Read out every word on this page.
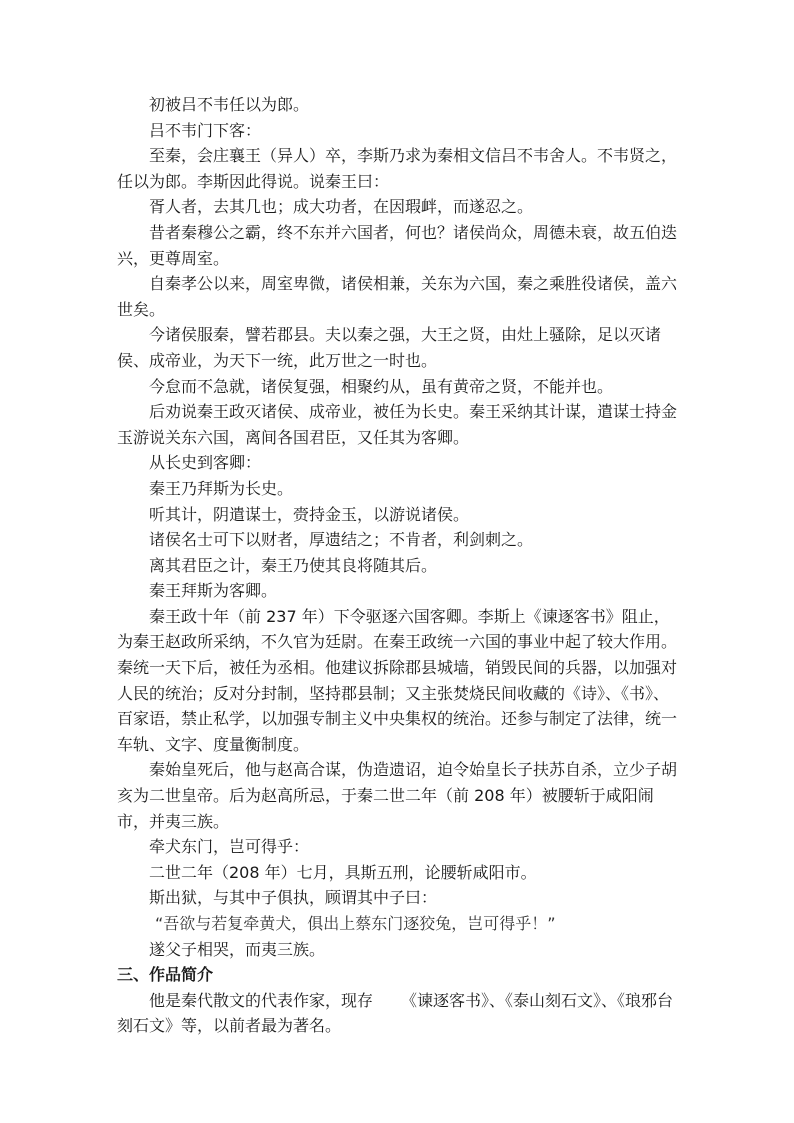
初被吕不韦任以为郎。

吕不韦门下客：

至秦，会庄襄王（异人）卒，李斯乃求为秦相文信吕不韦舍人。不韦贤之，任以为郎。李斯因此得说。说秦王曰：

胥人者，去其几也；成大功者，在因瑕衅，而遂忍之。

昔者秦穆公之霸，终不东并六国者，何也？诸侯尚众，周德未衰，故五伯迭兴，更尊周室。

自秦孝公以来，周室卑微，诸侯相兼，关东为六国，秦之乘胜役诸侯，盖六世矣。

今诸侯服秦，譬若郡县。夫以秦之强，大王之贤，由灶上骚除，足以灭诸侯、成帝业，为天下一统，此万世之一时也。

今怠而不急就，诸侯复强，相聚约从，虽有黄帝之贤，不能并也。

后劝说秦王政灭诸侯、成帝业，被任为长史。秦王采纳其计谋，遣谋士持金玉游说关东六国，离间各国君臣，又任其为客卿。

从长史到客卿：

秦王乃拜斯为长史。

听其计，阴遣谋士，赍持金玉，以游说诸侯。

诸侯名士可下以财者，厚遗结之；不肯者，利剑刺之。

离其君臣之计，秦王乃使其良将随其后。

秦王拜斯为客卿。

秦王政十年（前 237 年）下令驱逐六国客卿。李斯上《谏逐客书》阻止，为秦王赵政所采纳，不久官为廷尉。在秦王政统一六国的事业中起了较大作用。秦统一天下后，被任为丞相。他建议拆除郡县城墙，销毁民间的兵器，以加强对人民的统治；反对分封制，坚持郡县制；又主张焚烧民间收藏的《诗》、《书》、百家语，禁止私学，以加强专制主义中央集权的统治。还参与制定了法律，统一车轨、文字、度量衡制度。

秦始皇死后，他与赵高合谋，伪造遗诏，迫令始皇长子扶苏自杀，立少子胡亥为二世皇帝。后为赵高所忌，于秦二世二年（前 208 年）被腰斩于咸阳闹市，并夷三族。

牵犬东门，岂可得乎：

二世二年（208 年）七月，具斯五刑，论腰斩咸阳市。

斯出狱，与其中子俱执，顾谓其中子曰：

“吾欲与若复牵黄犬，俱出上蔡东门逐狡兔，岂可得乎！”

遂父子相哭，而夷三族。

三、作品简介

他是秦代散文的代表作家，现存 《谏逐客书》、《泰山刻石文》、《琅邪台刻石文》等，以前者最为著名。
